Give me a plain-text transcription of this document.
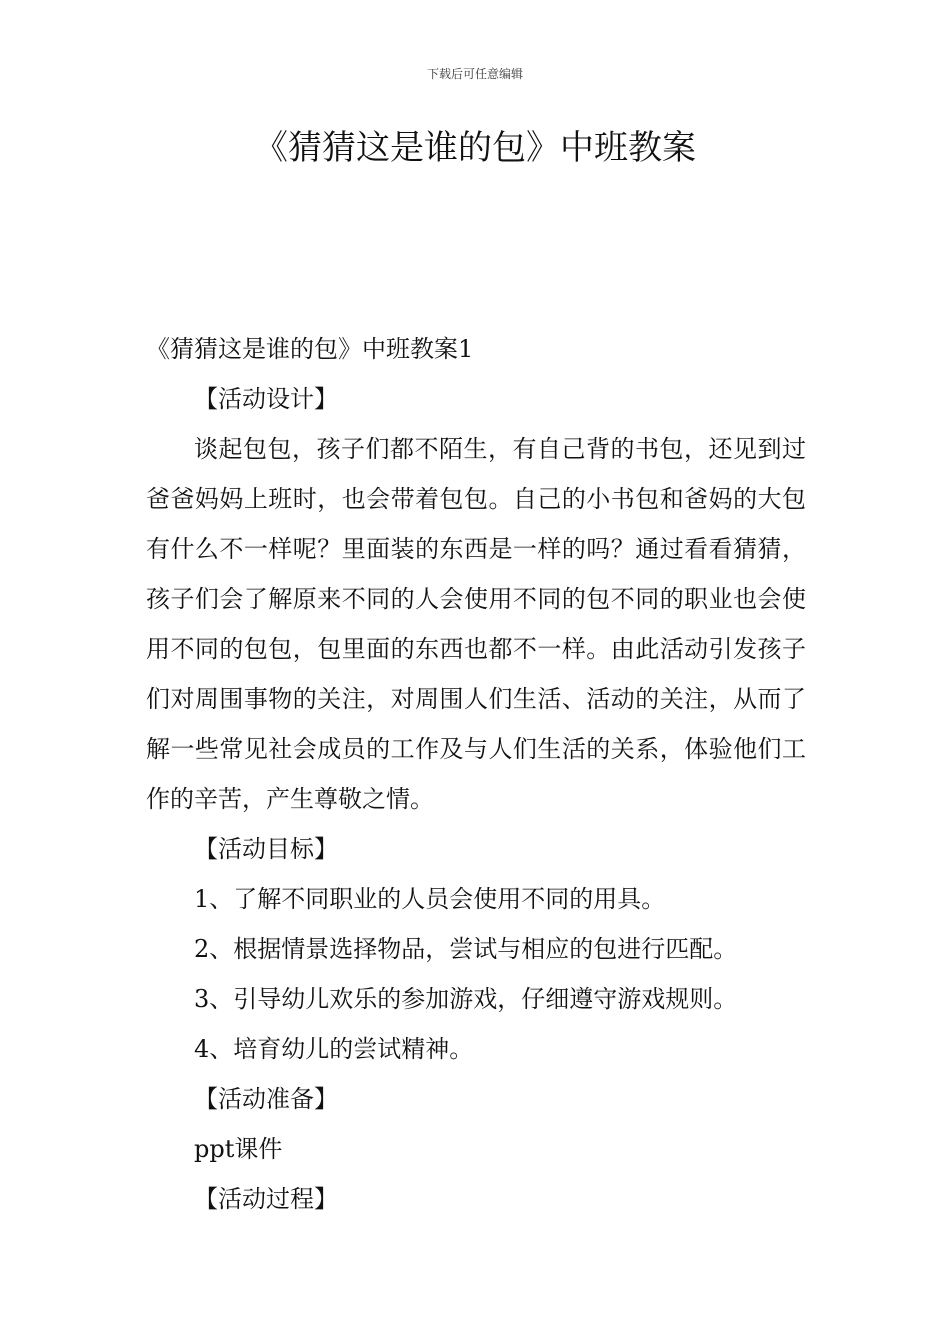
下载后可任意编辑
《猜猜这是谁的包》中班教案

《猜猜这是谁的包》中班教案1

【活动设计】

谈起包包，孩子们都不陌生，有自己背的书包，还见到过爸爸妈妈上班时，也会带着包包。自己的小书包和爸妈的大包有什么不一样呢？里面装的东西是一样的吗？通过看看猜猜，孩子们会了解原来不同的人会使用不同的包不同的职业也会使用不同的包包，包里面的东西也都不一样。由此活动引发孩子们对周围事物的关注，对周围人们生活、活动的关注，从而了解一些常见社会成员的工作及与人们生活的关系，体验他们工作的辛苦，产生尊敬之情。

【活动目标】

1、了解不同职业的人员会使用不同的用具。

2、根据情景选择物品，尝试与相应的包进行匹配。

3、引导幼儿欢乐的参加游戏，仔细遵守游戏规则。

4、培育幼儿的尝试精神。

【活动准备】

ppt课件

【活动过程】
